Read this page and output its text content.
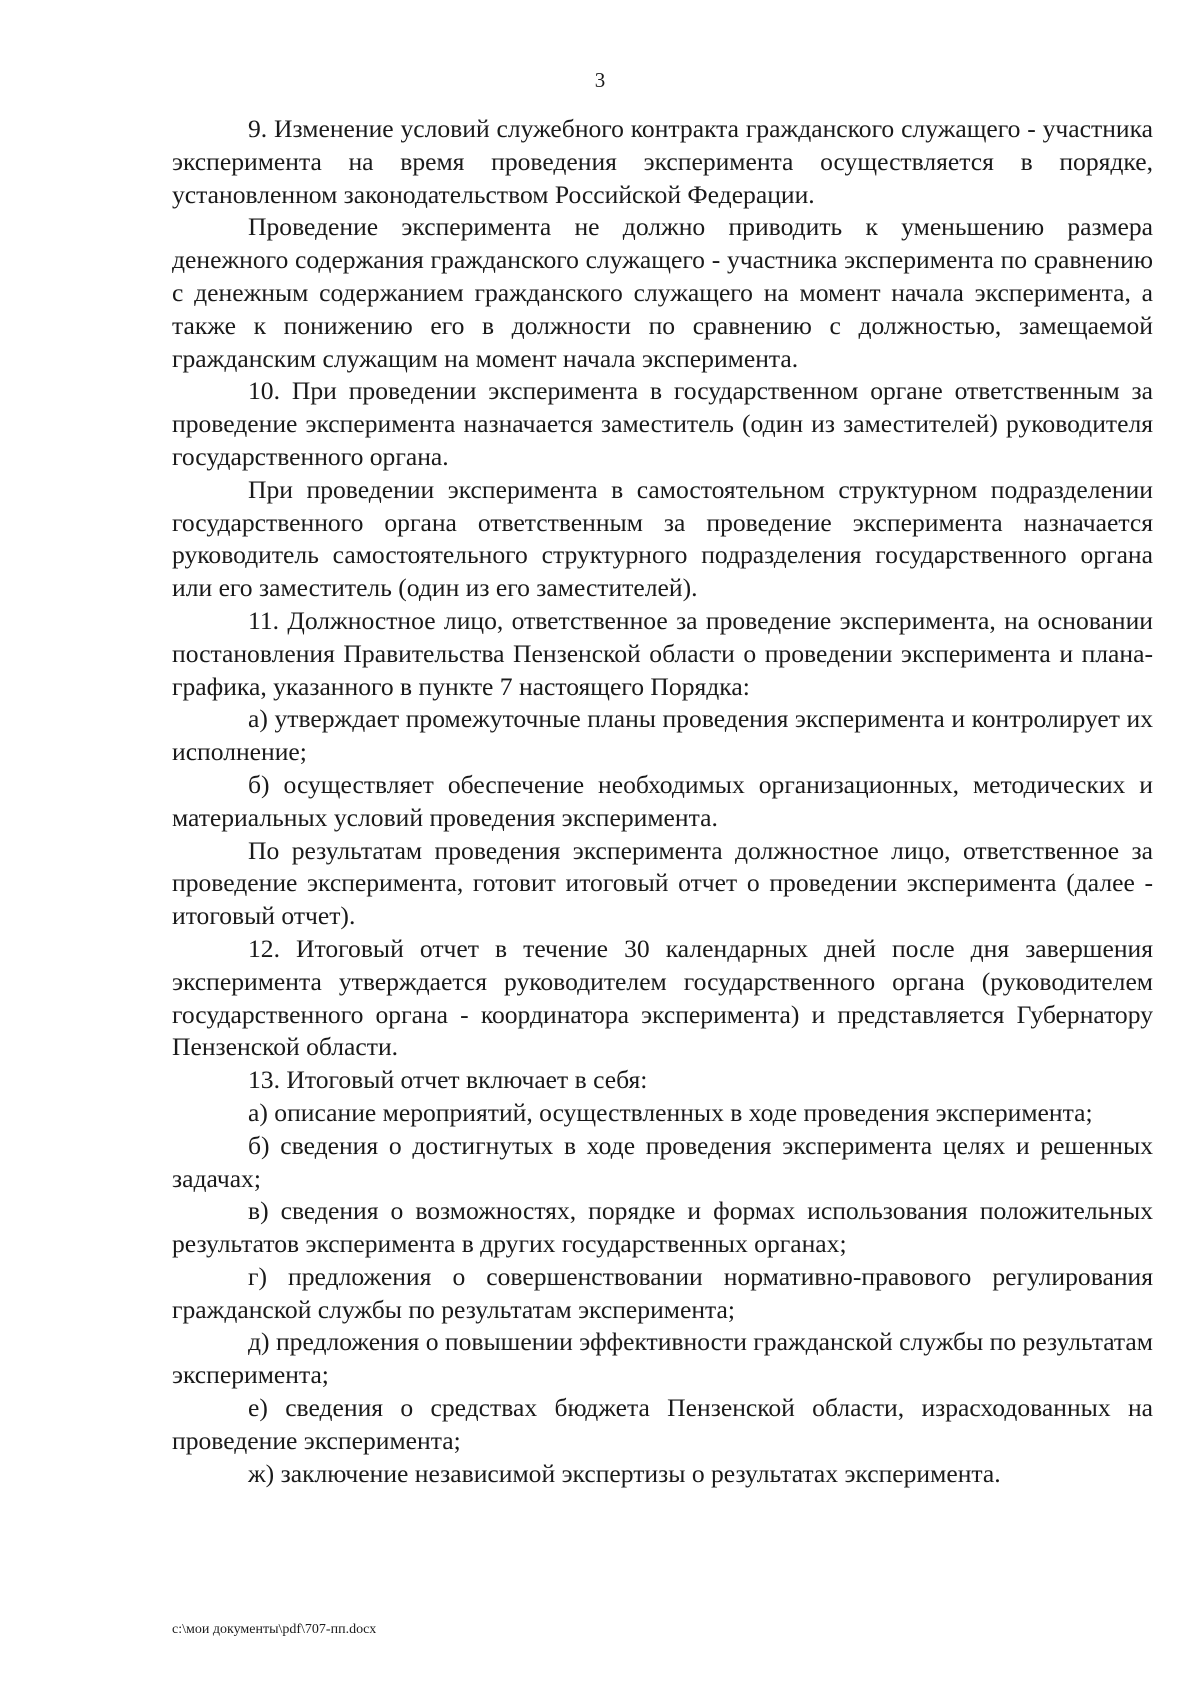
3

9. Изменение условий служебного контракта гражданского служащего - участника эксперимента на время проведения эксперимента осуществляется в порядке, установленном законодательством Российской Федерации.

Проведение эксперимента не должно приводить к уменьшению размера денежного содержания гражданского служащего - участника эксперимента по сравнению с денежным содержанием гражданского служащего на момент начала эксперимента, а также к понижению его в должности по сравнению с должностью, замещаемой гражданским служащим на момент начала эксперимента.

10. При проведении эксперимента в государственном органе ответственным за проведение эксперимента назначается заместитель (один из заместителей) руководителя государственного органа.

При проведении эксперимента в самостоятельном структурном подразделении государственного органа ответственным за проведение эксперимента назначается руководитель самостоятельного структурного подразделения государственного органа или его заместитель (один из его заместителей).

11. Должностное лицо, ответственное за проведение эксперимента, на основании постановления Правительства Пензенской области о проведении эксперимента и плана-графика, указанного в пункте 7 настоящего Порядка:

а) утверждает промежуточные планы проведения эксперимента и контролирует их исполнение;

б) осуществляет обеспечение необходимых организационных, методических и материальных условий проведения эксперимента.

По результатам проведения эксперимента должностное лицо, ответственное за проведение эксперимента, готовит итоговый отчет о проведении эксперимента (далее - итоговый отчет).

12. Итоговый отчет в течение 30 календарных дней после дня завершения эксперимента утверждается руководителем государственного органа (руководителем государственного органа - координатора эксперимента) и представляется Губернатору Пензенской области.

13. Итоговый отчет включает в себя:

а) описание мероприятий, осуществленных в ходе проведения эксперимента;

б) сведения о достигнутых в ходе проведения эксперимента целях и решенных задачах;

в) сведения о возможностях, порядке и формах использования положительных результатов эксперимента в других государственных органах;

г) предложения о совершенствовании нормативно-правового регулирования гражданской службы по результатам эксперимента;

д) предложения о повышении эффективности гражданской службы по результатам эксперимента;

е) сведения о средствах бюджета Пензенской области, израсходованных на проведение эксперимента;

ж) заключение независимой экспертизы о результатах эксперимента.

c:\мои документы\pdf\707-пп.docx
